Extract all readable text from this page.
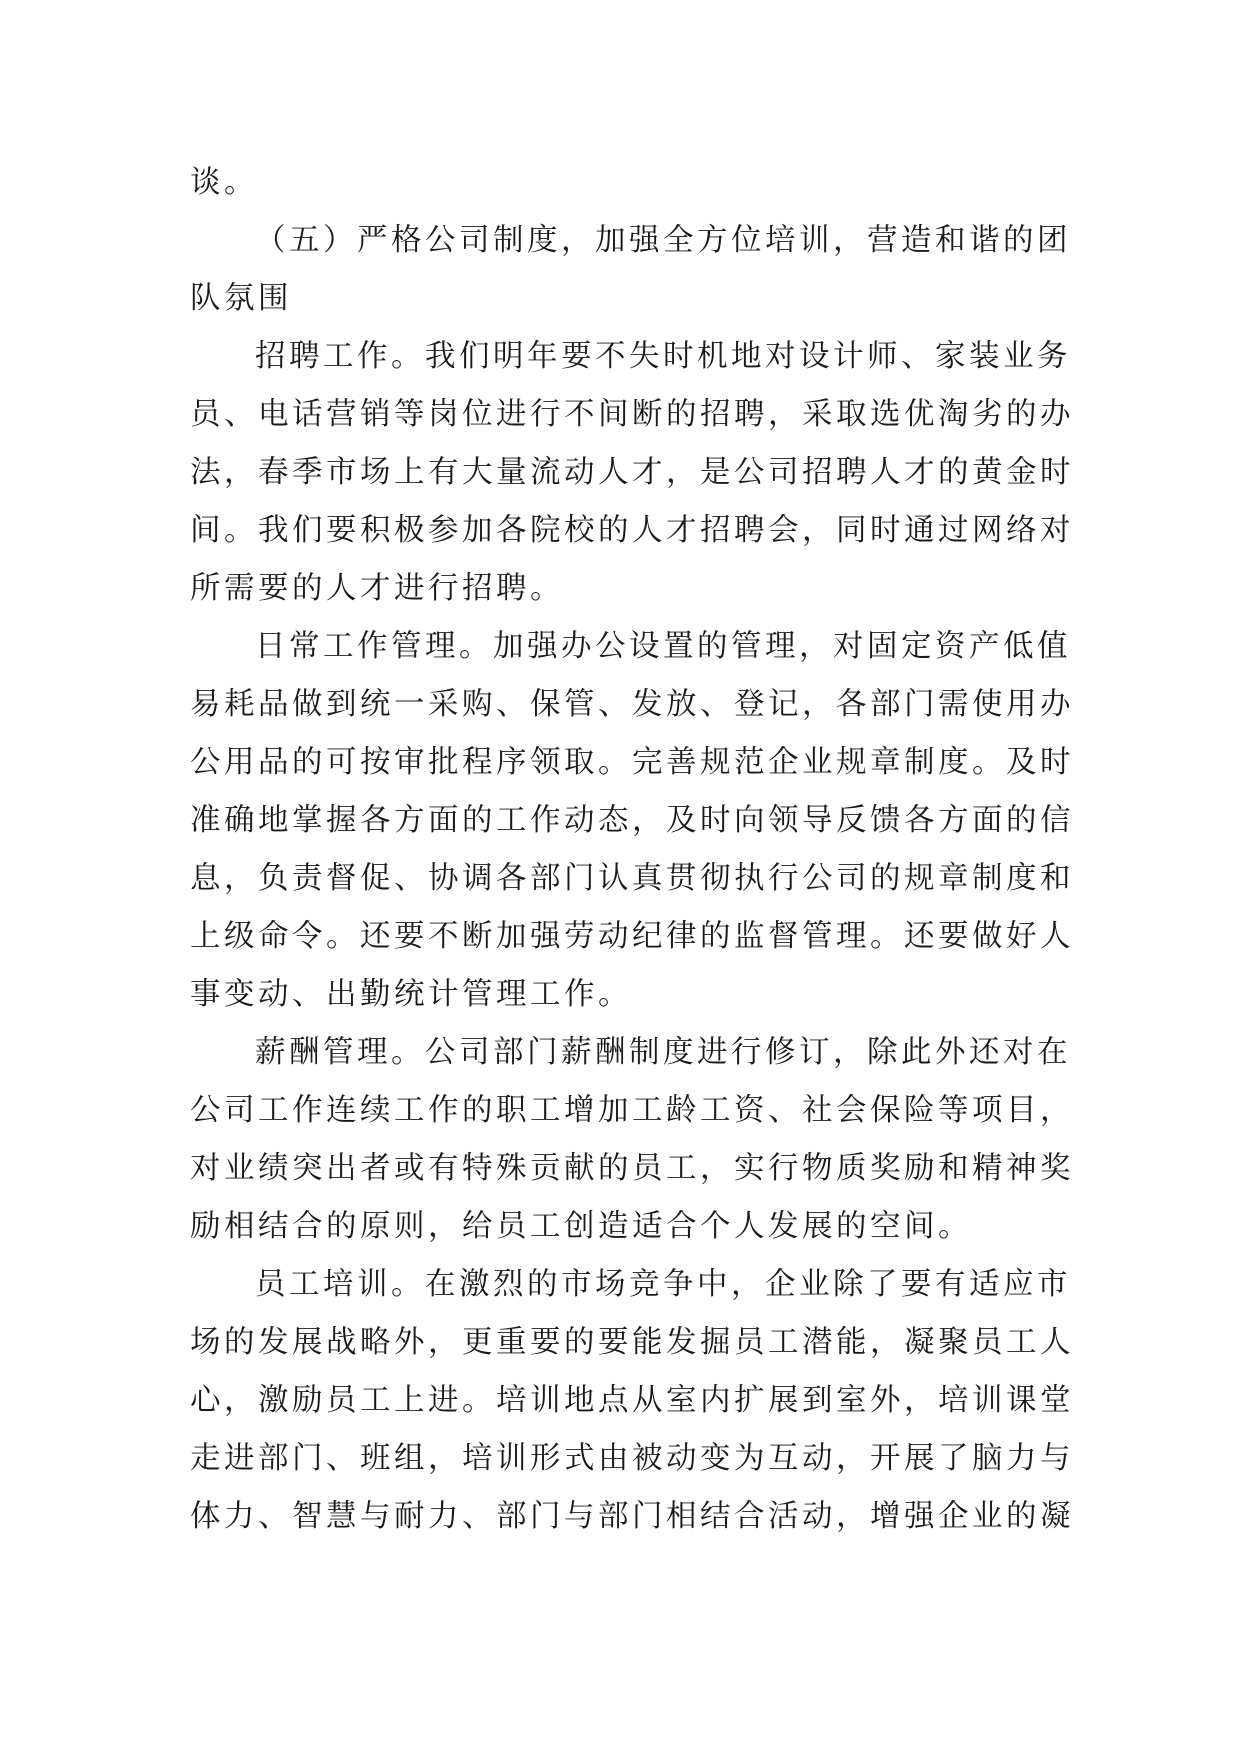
谈。

（五）严格公司制度，加强全方位培训，营造和谐的团

队氛围

招聘工作。我们明年要不失时机地对设计师、家装业务

员、电话营销等岗位进行不间断的招聘，采取选优淘劣的办

法，春季市场上有大量流动人才，是公司招聘人才的黄金时

间。我们要积极参加各院校的人才招聘会，同时通过网络对

所需要的人才进行招聘。

日常工作管理。加强办公设置的管理，对固定资产低值

易耗品做到统一采购、保管、发放、登记，各部门需使用办

公用品的可按审批程序领取。完善规范企业规章制度。及时

准确地掌握各方面的工作动态，及时向领导反馈各方面的信

息，负责督促、协调各部门认真贯彻执行公司的规章制度和

上级命令。还要不断加强劳动纪律的监督管理。还要做好人

事变动、出勤统计管理工作。

薪酬管理。公司部门薪酬制度进行修订，除此外还对在

公司工作连续工作的职工增加工龄工资、社会保险等项目，

对业绩突出者或有特殊贡献的员工，实行物质奖励和精神奖

励相结合的原则，给员工创造适合个人发展的空间。

员工培训。在激烈的市场竞争中，企业除了要有适应市

场的发展战略外，更重要的要能发掘员工潜能，凝聚员工人

心，激励员工上进。培训地点从室内扩展到室外，培训课堂

走进部门、班组，培训形式由被动变为互动，开展了脑力与

体力、智慧与耐力、部门与部门相结合活动，增强企业的凝
